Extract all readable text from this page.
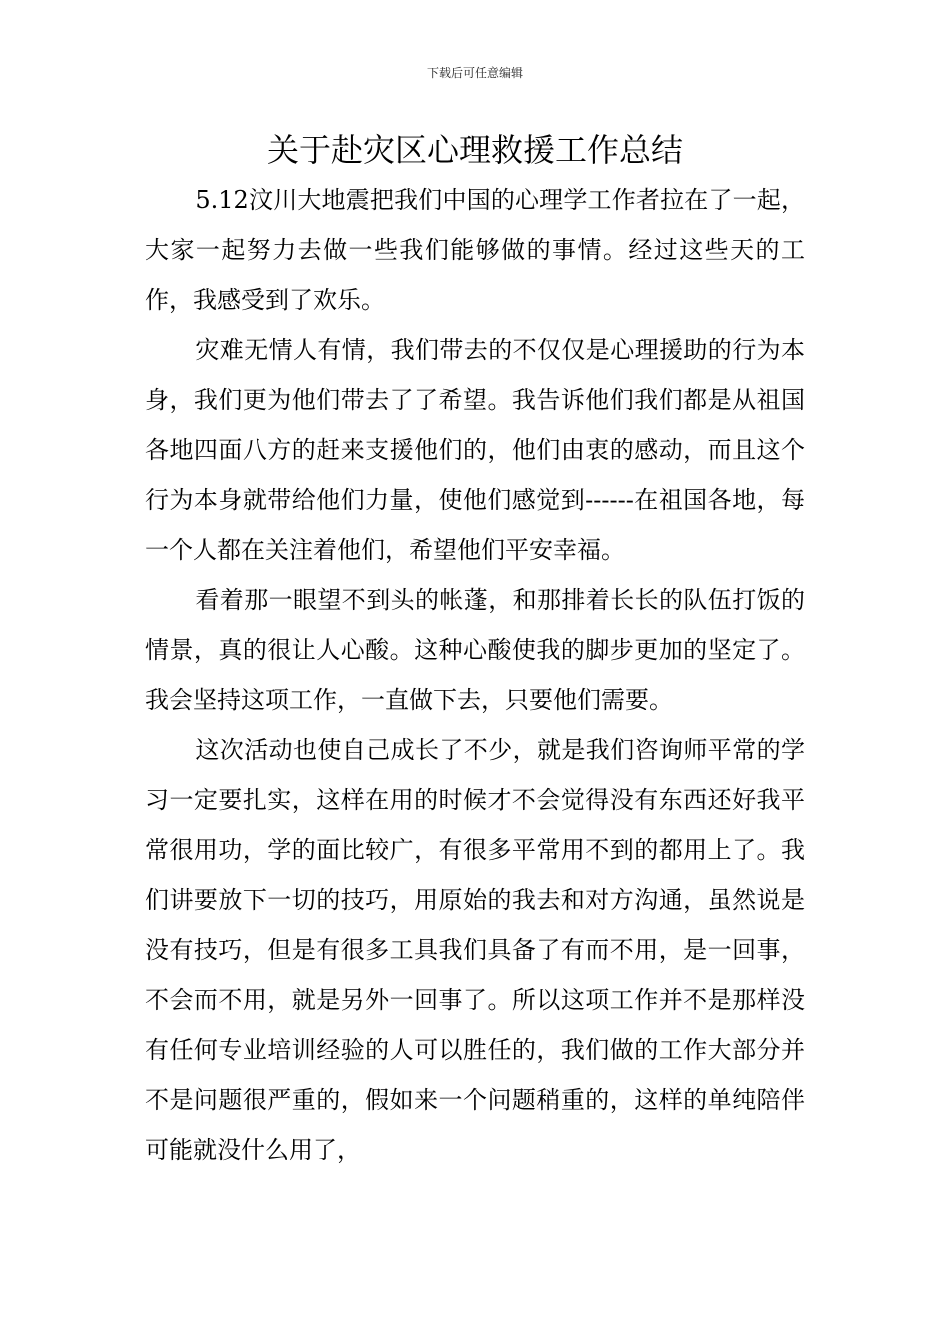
下载后可任意编辑
关于赴灾区心理救援工作总结

5.12汶川大地震把我们中国的心理学工作者拉在了一起，大家一起努力去做一些我们能够做的事情。经过这些天的工作，我感受到了欢乐。

灾难无情人有情，我们带去的不仅仅是心理援助的行为本身，我们更为他们带去了了希望。我告诉他们我们都是从祖国各地四面八方的赶来支援他们的，他们由衷的感动，而且这个行为本身就带给他们力量，使他们感觉到------在祖国各地，每一个人都在关注着他们，希望他们平安幸福。

看着那一眼望不到头的帐蓬，和那排着长长的队伍打饭的情景，真的很让人心酸。这种心酸使我的脚步更加的坚定了。我会坚持这项工作，一直做下去，只要他们需要。

这次活动也使自己成长了不少，就是我们咨询师平常的学习一定要扎实，这样在用的时候才不会觉得没有东西还好我平常很用功，学的面比较广，有很多平常用不到的都用上了。我们讲要放下一切的技巧，用原始的我去和对方沟通，虽然说是没有技巧，但是有很多工具我们具备了有而不用，是一回事，不会而不用，就是另外一回事了。所以这项工作并不是那样没有任何专业培训经验的人可以胜任的，我们做的工作大部分并不是问题很严重的，假如来一个问题稍重的，这样的单纯陪伴可能就没什么用了，
